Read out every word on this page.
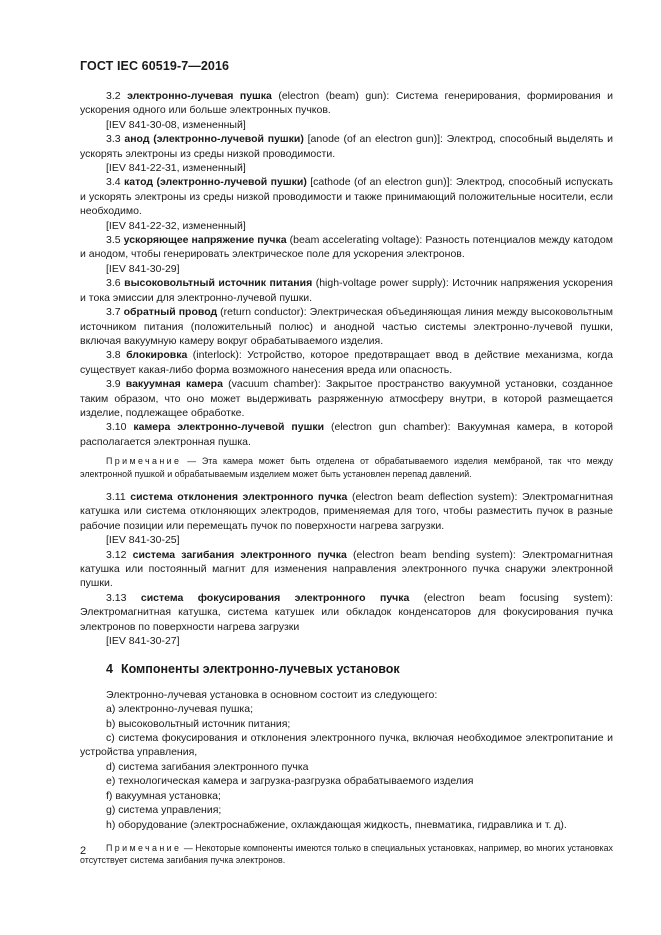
ГОСТ IEC 60519-7—2016

3.2 электронно-лучевая пушка (electron (beam) gun): Система генерирования, формирования и ускорения одного или больше электронных пучков.

[IEV 841-30-08, измененный]

3.3 анод (электронно-лучевой пушки) [anode (of an electron gun)]: Электрод, способный выделять и ускорять электроны из среды низкой проводимости.

[IEV 841-22-31, измененный]

3.4 катод (электронно-лучевой пушки) [cathode (of an electron gun)]: Электрод, способный испускать и ускорять электроны из среды низкой проводимости и также принимающий положительные носители, если необходимо.

[IEV 841-22-32, измененный]

3.5 ускоряющее напряжение пучка (beam accelerating voltage): Разность потенциалов между катодом и анодом, чтобы генерировать электрическое поле для ускорения электронов.

[IEV 841-30-29]

3.6 высоковольтный источник питания (high-voltage power supply): Источник напряжения ускорения и тока эмиссии для электронно-лучевой пушки.

3.7 обратный провод (return conductor): Электрическая объединяющая линия между высоковольтным источником питания (положительный полюс) и анодной частью системы электронно-лучевой пушки, включая вакуумную камеру вокруг обрабатываемого изделия.

3.8 блокировка (interlock): Устройство, которое предотвращает ввод в действие механизма, когда существует какая-либо форма возможного нанесения вреда или опасность.

3.9 вакуумная камера (vacuum chamber): Закрытое пространство вакуумной установки, созданное таким образом, что оно может выдерживать разряженную атмосферу внутри, в которой размещается изделие, подлежащее обработке.

3.10 камера электронно-лучевой пушки (electron gun chamber): Вакуумная камера, в которой располагается электронная пушка.

Примечание — Эта камера может быть отделена от обрабатываемого изделия мембраной, так что между электронной пушкой и обрабатываемым изделием может быть установлен перепад давлений.

3.11 система отклонения электронного пучка (electron beam deflection system): Электромагнитная катушка или система отклоняющих электродов, применяемая для того, чтобы разместить пучок в разные рабочие позиции или перемещать пучок по поверхности нагрева загрузки.

[IEV 841-30-25]

3.12 система загибания электронного пучка (electron beam bending system): Электромагнитная катушка или постоянный магнит для изменения направления электронного пучка снаружи электронной пушки.

3.13 система фокусирования электронного пучка (electron beam focusing system): Электромагнитная катушка, система катушек или обкладок конденсаторов для фокусирования пучка электронов по поверхности нагрева загрузки

[IEV 841-30-27]

4 Компоненты электронно-лучевых установок

Электронно-лучевая установка в основном состоит из следующего:

a) электронно-лучевая пушка;

b) высоковольтный источник питания;

c) система фокусирования и отклонения электронного пучка, включая необходимое электропитание и устройства управления,

d) система загибания электронного пучка

e) технологическая камера и загрузка-разгрузка обрабатываемого изделия

f) вакуумная установка;

g) система управления;

h) оборудование (электроснабжение, охлаждающая жидкость, пневматика, гидравлика и т. д).

Примечание — Некоторые компоненты имеются только в специальных установках, например, во многих установках отсутствует система загибания пучка электронов.
2
